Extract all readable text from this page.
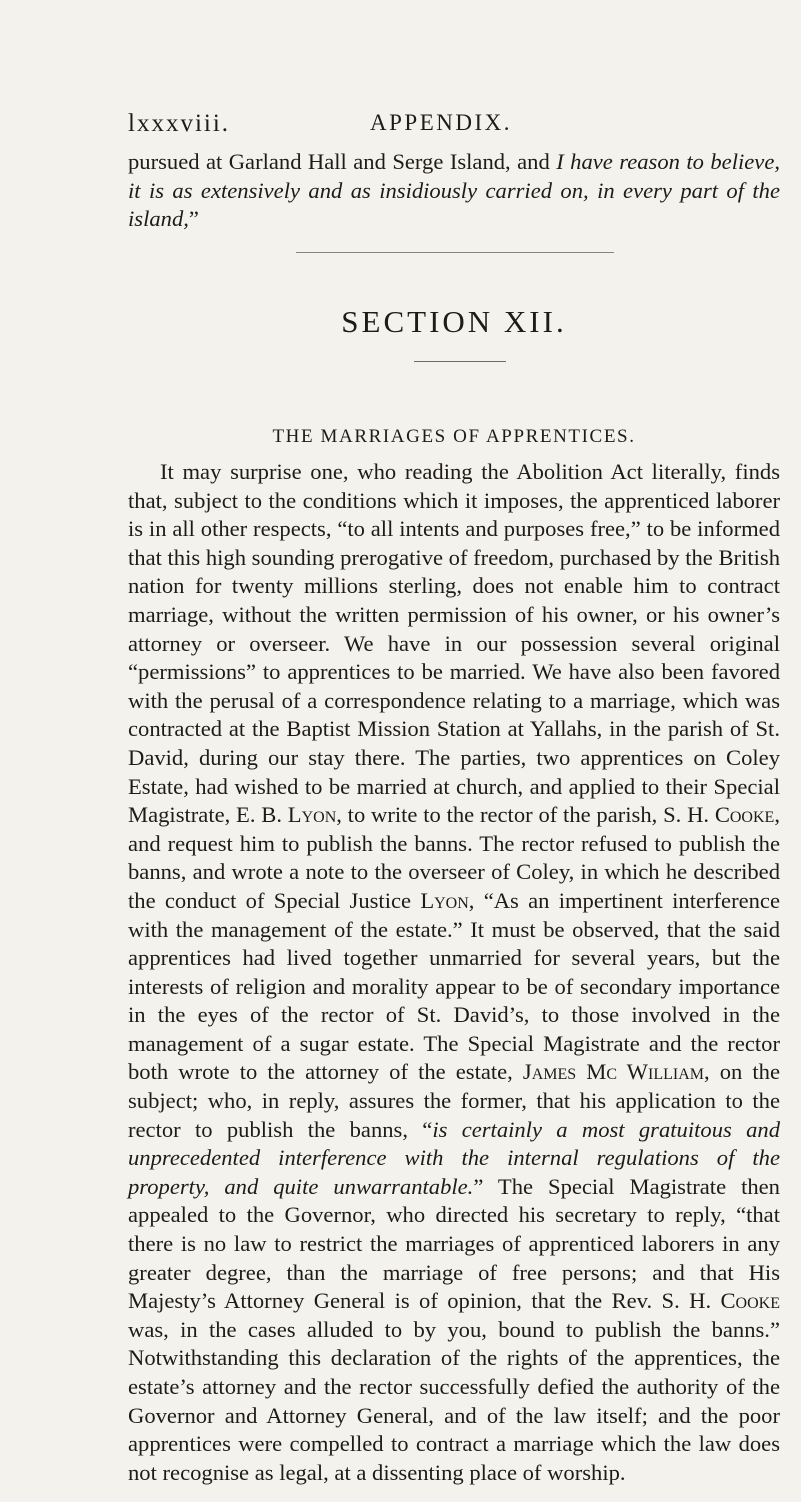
lxxxviii.	APPENDIX.

pursued at Garland Hall and Serge Island, and I have reason to believe, it is as extensively and as insidiously carried on, in every part of the island,”

SECTION XII.
THE MARRIAGES OF APPRENTICES.

It may surprise one, who reading the Abolition Act literally, finds that, subject to the conditions which it imposes, the apprenticed laborer is in all other respects, “to all intents and purposes free,” to be informed that this high sounding prerogative of freedom, purchased by the British nation for twenty millions sterling, does not enable him to contract marriage, without the written permission of his owner, or his owner’s attorney or overseer. We have in our possession several original “permissions” to apprentices to be married. We have also been favored with the perusal of a correspondence relating to a marriage, which was contracted at the Baptist Mission Station at Yallahs, in the parish of St. David, during our stay there. The parties, two apprentices on Coley Estate, had wished to be married at church, and applied to their Special Magistrate, E. B. Lyon, to write to the rector of the parish, S. H. Cooke, and request him to publish the banns. The rector refused to publish the banns, and wrote a note to the overseer of Coley, in which he described the conduct of Special Justice Lyon, “As an impertinent interference with the management of the estate.” It must be observed, that the said apprentices had lived together unmarried for several years, but the interests of religion and morality appear to be of secondary importance in the eyes of the rector of St. David’s, to those involved in the management of a sugar estate. The Special Magistrate and the rector both wrote to the attorney of the estate, James Mc William, on the subject; who, in reply, assures the former, that his application to the rector to publish the banns, “is certainly a most gratuitous and unprecedented interference with the internal regulations of the property, and quite unwarrantable.” The Special Magistrate then appealed to the Governor, who directed his secretary to reply, “that there is no law to restrict the marriages of apprenticed laborers in any greater degree, than the marriage of free persons; and that His Majesty’s Attorney General is of opinion, that the Rev. S. H. Cooke was, in the cases alluded to by you, bound to publish the banns.” Notwithstanding this declaration of the rights of the apprentices, the estate’s attorney and the rector successfully defied the authority of the Governor and Attorney General, and of the law itself; and the poor apprentices were compelled to contract a marriage which the law does not recognise as legal, at a dissenting place of worship.
